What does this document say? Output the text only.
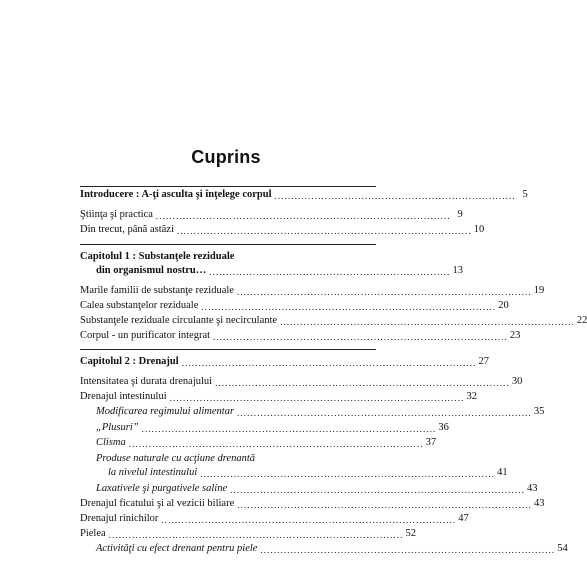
Cuprins
Introducere : A-ţi asculta şi înţelege corpul ........................................................................ 5
Ştiinţa şi practica ........................................................................................ 9
Din trecut, până astăzi ........................................................................................ 10
Capitolul 1 : Substanţele reziduale
din organismul nostru… ........................................................................ 13
Marile familii de substanţe reziduale ........................................................................................ 19
Calea substanţelor reziduale ........................................................................................ 20
Substanţele reziduale circulante şi necirculante ........................................................................................ 22
Corpul - un purificator integrat ........................................................................................ 23
Capitolul 2 : Drenajul ........................................................................................ 27
Intensitatea şi durata drenajului ........................................................................................ 30
Drenajul intestinului ........................................................................................ 32
Modificarea regimului alimentar ........................................................................................ 35
„Plusuri” ........................................................................................ 36
Clisma ........................................................................................ 37
Produse naturale cu acţiune drenantă
la nivelul intestinului ........................................................................................ 41
Laxativele şi purgativele saline ........................................................................................ 43
Drenajul ficatului şi al vezicii biliare ........................................................................................ 43
Drenajul rinichilor ........................................................................................ 47
Pielea ........................................................................................ 52
Activităţi cu efect drenant pentru piele ........................................................................................ 54
